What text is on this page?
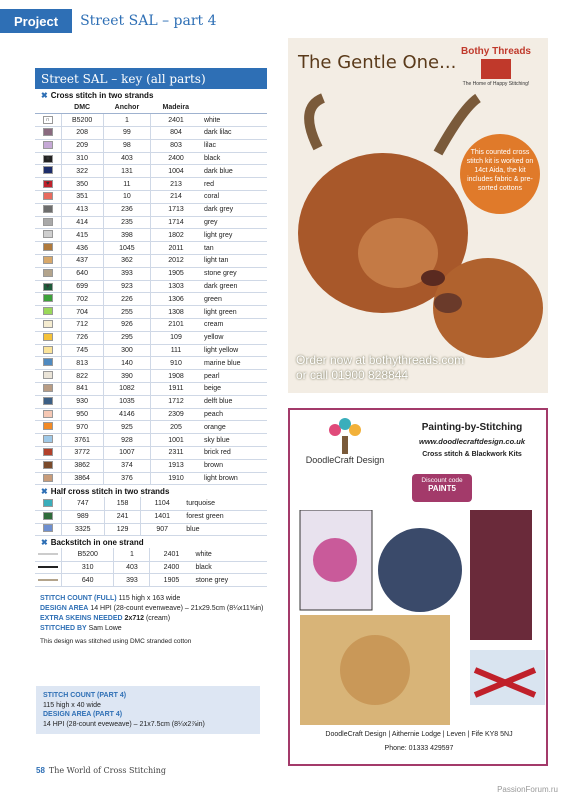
Project	Street SAL – part 4
Street SAL – key (all parts)
✖ Cross stitch in two strands
	DMC	Anchor	Madeira	
∩	B5200	1	2401	white
	208	99	804	dark lilac
	209	98	803	lilac
■	310	403	2400	black
	322	131	1004	dark blue
♥	350	11	213	red
	351	10	214	coral
	413	236	1713	dark grey
	414	235	1714	grey
	415	398	1802	light grey
	436	1045	2011	tan
	437	362	2012	light tan
	640	393	1905	stone grey
▼	699	923	1303	dark green
	702	226	1306	green
	704	255	1308	light green
	712	926	2101	cream
	726	295	109	yellow
	745	300	111	light yellow
	813	140	910	marine blue
	822	390	1908	pearl
	841	1082	1911	beige
	930	1035	1712	delft blue
	950	4146	2309	peach
	970	925	205	orange
	3761	928	1001	sky blue
	3772	1007	2311	brick red
	3862	374	1913	brown
	3864	376	1910	light brown
✖ Half cross stitch in two strands
	747	158	1104	turquoise
	989	241	1401	forest green
	3325	129	907	blue
✖ Backstitch in one strand
	B5200	1	2401	white
	310	403	2400	black
	640	393	1905	stone grey
STITCH COUNT (FULL) 115 high x 163 wide
DESIGN AREA 14 HPI (28-count evenweave) – 21x29.5cm (8¼x11⅝in)
EXTRA SKEINS NEEDED 2x712 (cream)
STITCHED BY Sam Lowe
This design was stitched using DMC stranded cotton
STITCH COUNT (PART 4)
115 high x 40 wide
DESIGN AREA (PART 4)
14 HPI (28-count eveweave) – 21x7.5cm (8¼x2⅞in)
58 The World of Cross Stitching
The Gentle One...
Bothy Threads
The Home of Happy Stitching!
This counted cross stitch kit is worked on 14ct Aida, the kit includes fabric & pre-sorted cottons
Order now at bothythreads.com
or call 01900 828844
DoodleCraft Design
Painting-by-Stitching
www.doodlecraftdesign.co.uk
Cross stitch & Blackwork Kits
Discount code
PAINT5
DoodleCraft Design | Aithernie Lodge | Leven | Fife KY8 5NJ
Phone: 01333 429597
PassionForum.ru
